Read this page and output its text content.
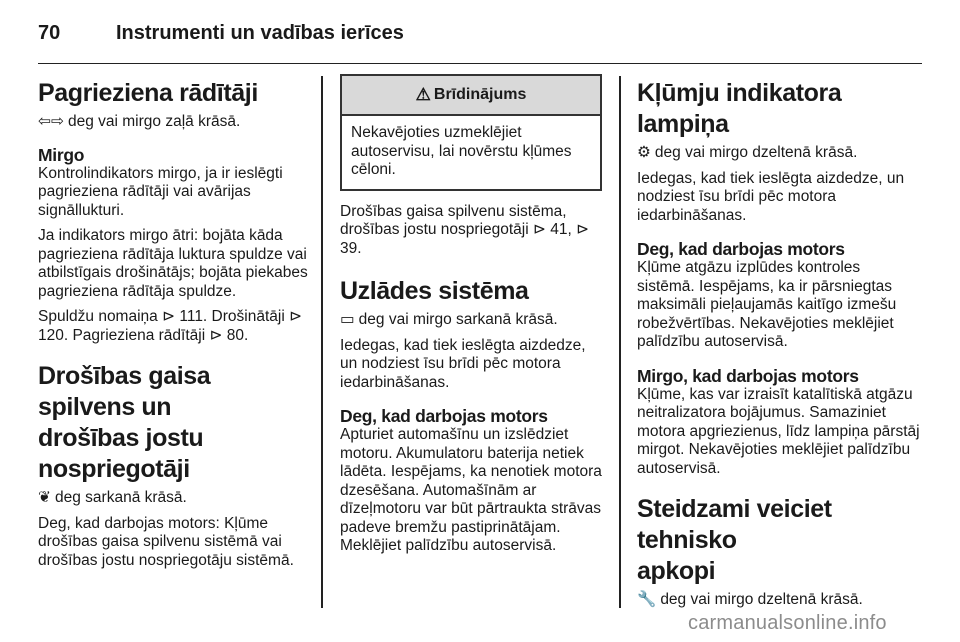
70	Instrumenti un vadības ierīces
Pagrieziena rādītāji

⇦⇨ deg vai mirgo zaļā krāsā.

Mirgo

Kontrolindikators mirgo, ja ir ieslēgti pagrieziena rādītāji vai avārijas signāllukturi.

Ja indikators mirgo ātri: bojāta kāda pagrieziena rādītāja luktura spuldze vai atbilstīgais drošinātājs; bojāta piekabes pagrieziena rādītāja spuldze.

Spuldžu nomaiņa ⊳ 111. Drošinātāji ⊳ 120. Pagrieziena rādītāji ⊳ 80.

Drošības gaisa spilvens un
drošības jostu
nospriegotāji

❦ deg sarkanā krāsā.

Deg, kad darbojas motors: Kļūme drošības gaisa spilvenu sistēmā vai drošības jostu nospriegotāju sistēmā.

⚠ Brīdinājums
Nekavējoties uzmeklējiet autoservisu, lai novērstu kļūmes cēloni.

Drošības gaisa spilvenu sistēma, drošības jostu nospriegotāji ⊳ 41, ⊳ 39.

Uzlādes sistēma

▭ deg vai mirgo sarkanā krāsā.

Iedegas, kad tiek ieslēgta aizdedze, un nodziest īsu brīdi pēc motora iedarbināšanas.

Deg, kad darbojas motors

Apturiet automašīnu un izslēdziet motoru. Akumulatoru baterija netiek lādēta. Iespējams, ka nenotiek motora dzesēšana. Automašīnām ar dīzeļmotoru var būt pārtraukta strāvas padeve bremžu pastiprinātājam. Meklējiet palīdzību autoservisā.

Kļūmju indikatora lampiņa

⚙ deg vai mirgo dzeltenā krāsā.

Iedegas, kad tiek ieslēgta aizdedze, un nodziest īsu brīdi pēc motora iedarbināšanas.

Deg, kad darbojas motors

Kļūme atgāzu izplūdes kontroles sistēmā. Iespējams, ka ir pārsniegtas maksimāli pieļaujamās kaitīgo izmešu robežvērtības. Nekavējoties meklējiet palīdzību autoservisā.

Mirgo, kad darbojas motors

Kļūme, kas var izraisīt katalītiskā atgāzu neitralizatora bojājumus. Samaziniet motora apgriezienus, līdz lampiņa pārstāj mirgot. Nekavējoties meklējiet palīdzību autoservisā.

Steidzami veiciet tehnisko
apkopi

🔧 deg vai mirgo dzeltenā krāsā.

carmanualsonline.info
